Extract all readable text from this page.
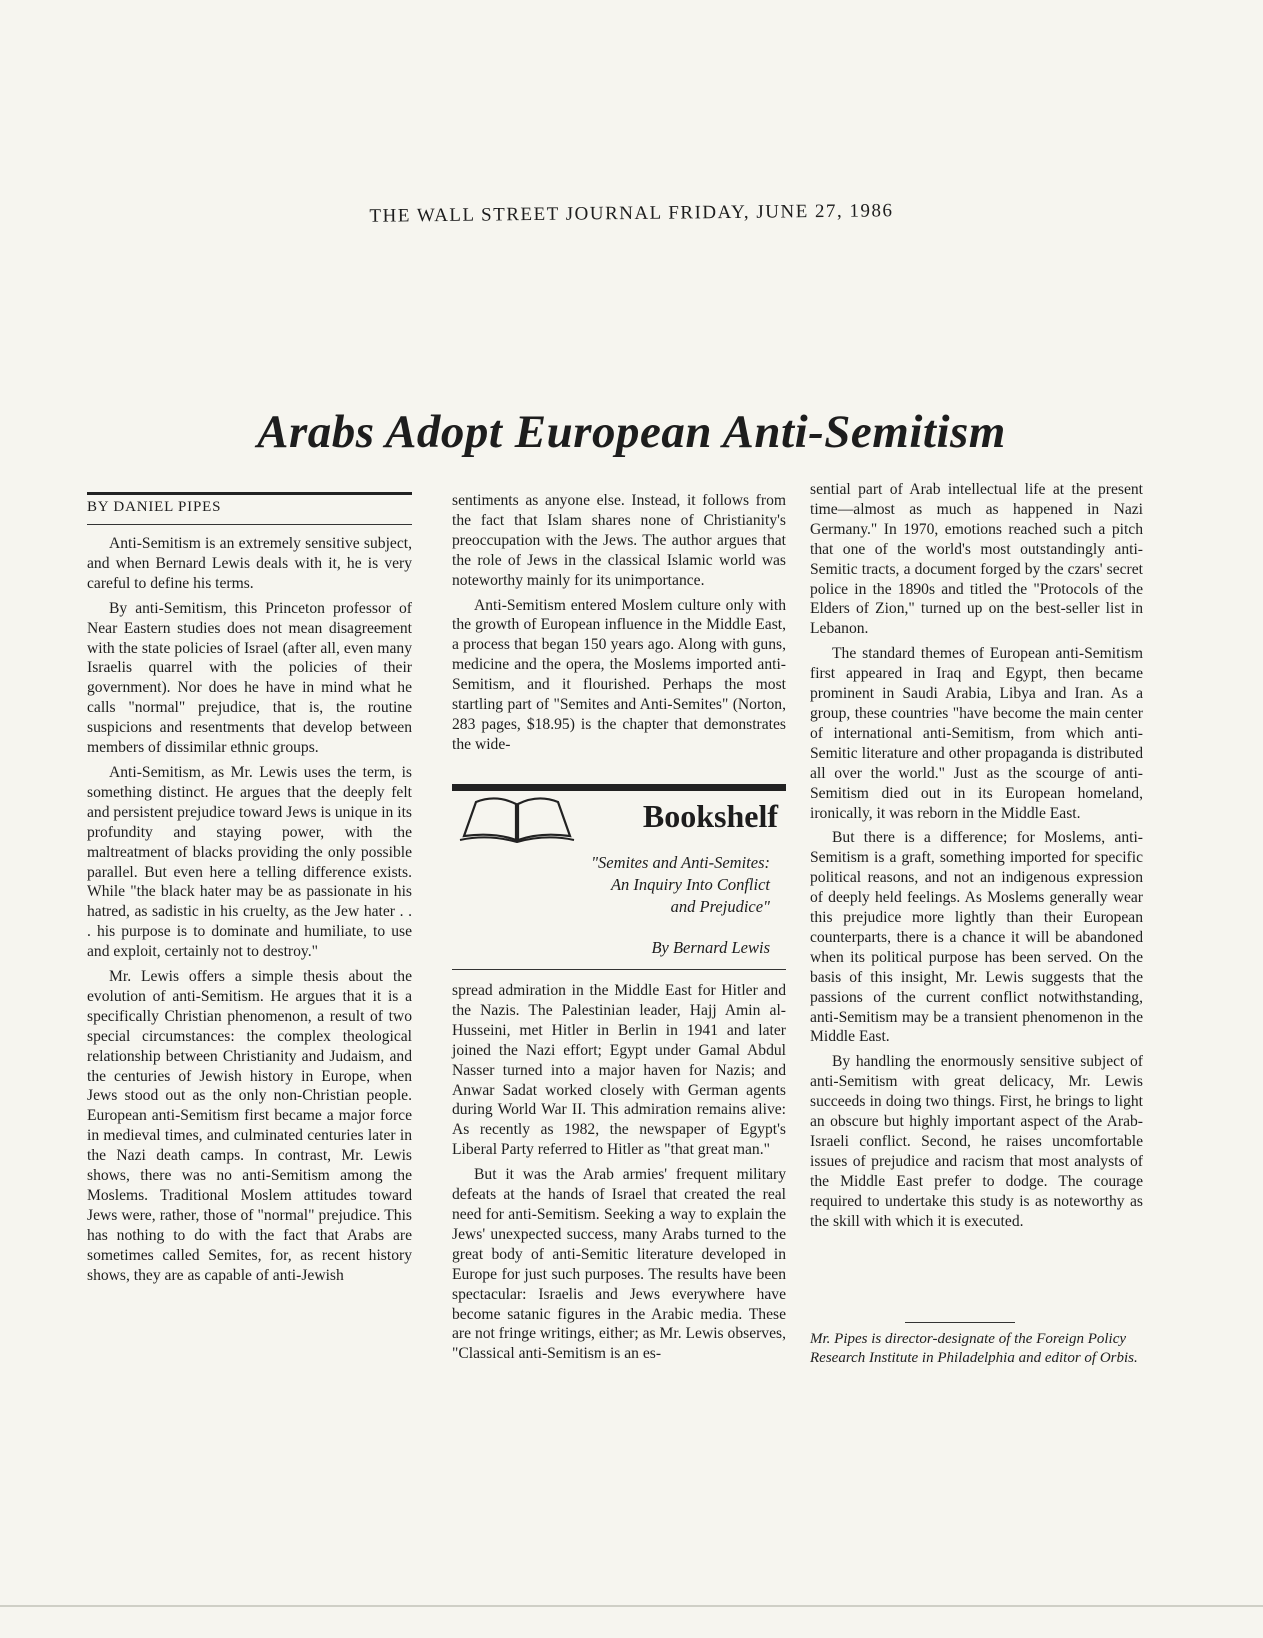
THE WALL STREET JOURNAL FRIDAY, JUNE 27, 1986
Arabs Adopt European Anti-Semitism
BY DANIEL PIPES

Anti-Semitism is an extremely sensitive subject, and when Bernard Lewis deals with it, he is very careful to define his terms.

By anti-Semitism, this Princeton professor of Near Eastern studies does not mean disagreement with the state policies of Israel (after all, even many Israelis quarrel with the policies of their government). Nor does he have in mind what he calls "normal" prejudice, that is, the routine suspicions and resentments that develop between members of dissimilar ethnic groups.

Anti-Semitism, as Mr. Lewis uses the term, is something distinct. He argues that the deeply felt and persistent prejudice toward Jews is unique in its profundity and staying power, with the maltreatment of blacks providing the only possible parallel. But even here a telling difference exists. While "the black hater may be as passionate in his hatred, as sadistic in his cruelty, as the Jew hater . . . his purpose is to dominate and humiliate, to use and exploit, certainly not to destroy."

Mr. Lewis offers a simple thesis about the evolution of anti-Semitism. He argues that it is a specifically Christian phenomenon, a result of two special circumstances: the complex theological relationship between Christianity and Judaism, and the centuries of Jewish history in Europe, when Jews stood out as the only non-Christian people. European anti-Semitism first became a major force in medieval times, and culminated centuries later in the Nazi death camps. In contrast, Mr. Lewis shows, there was no anti-Semitism among the Moslems. Traditional Moslem attitudes toward Jews were, rather, those of "normal" prejudice. This has nothing to do with the fact that Arabs are sometimes called Semites, for, as recent history shows, they are as capable of anti-Jewish

sentiments as anyone else. Instead, it follows from the fact that Islam shares none of Christianity's preoccupation with the Jews. The author argues that the role of Jews in the classical Islamic world was noteworthy mainly for its unimportance.

Anti-Semitism entered Moslem culture only with the growth of European influence in the Middle East, a process that began 150 years ago. Along with guns, medicine and the opera, the Moslems imported anti-Semitism, and it flourished. Perhaps the most startling part of "Semites and Anti-Semites" (Norton, 283 pages, $18.95) is the chapter that demonstrates the wide-

Bookshelf
"Semites and Anti-Semites:
An Inquiry Into Conflict
and Prejudice"
By Bernard Lewis

spread admiration in the Middle East for Hitler and the Nazis. The Palestinian leader, Hajj Amin al-Husseini, met Hitler in Berlin in 1941 and later joined the Nazi effort; Egypt under Gamal Abdul Nasser turned into a major haven for Nazis; and Anwar Sadat worked closely with German agents during World War II. This admiration remains alive: As recently as 1982, the newspaper of Egypt's Liberal Party referred to Hitler as "that great man."

But it was the Arab armies' frequent military defeats at the hands of Israel that created the real need for anti-Semitism. Seeking a way to explain the Jews' unexpected success, many Arabs turned to the great body of anti-Semitic literature developed in Europe for just such purposes. The results have been spectacular: Israelis and Jews everywhere have become satanic figures in the Arabic media. These are not fringe writings, either; as Mr. Lewis observes, "Classical anti-Semitism is an es-

sential part of Arab intellectual life at the present time—almost as much as happened in Nazi Germany." In 1970, emotions reached such a pitch that one of the world's most outstandingly anti-Semitic tracts, a document forged by the czars' secret police in the 1890s and titled the "Protocols of the Elders of Zion," turned up on the best-seller list in Lebanon.

The standard themes of European anti-Semitism first appeared in Iraq and Egypt, then became prominent in Saudi Arabia, Libya and Iran. As a group, these countries "have become the main center of international anti-Semitism, from which anti-Semitic literature and other propaganda is distributed all over the world." Just as the scourge of anti-Semitism died out in its European homeland, ironically, it was reborn in the Middle East.

But there is a difference; for Moslems, anti-Semitism is a graft, something imported for specific political reasons, and not an indigenous expression of deeply held feelings. As Moslems generally wear this prejudice more lightly than their European counterparts, there is a chance it will be abandoned when its political purpose has been served. On the basis of this insight, Mr. Lewis suggests that the passions of the current conflict notwithstanding, anti-Semitism may be a transient phenomenon in the Middle East.

By handling the enormously sensitive subject of anti-Semitism with great delicacy, Mr. Lewis succeeds in doing two things. First, he brings to light an obscure but highly important aspect of the Arab-Israeli conflict. Second, he raises uncomfortable issues of prejudice and racism that most analysts of the Middle East prefer to dodge. The courage required to undertake this study is as noteworthy as the skill with which it is executed.

Mr. Pipes is director-designate of the Foreign Policy Research Institute in Philadelphia and editor of Orbis.
